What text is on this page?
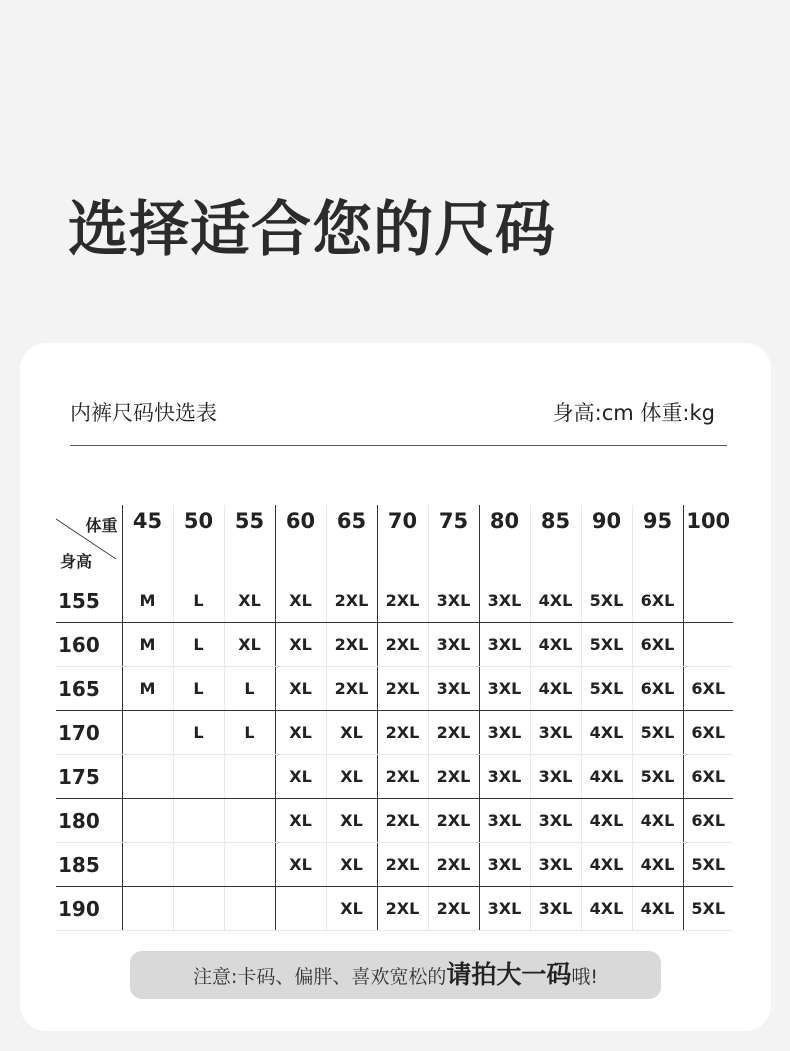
选择适合您的尺码
内裤尺码快选表	身高:cm 体重:kg
体重
身高	45	50	55	60	65	70	75	80	85	90	95	100
155	M	L	XL	XL	2XL	2XL	3XL	3XL	4XL	5XL	6XL	
160	M	L	XL	XL	2XL	2XL	3XL	3XL	4XL	5XL	6XL	
165	M	L	L	XL	2XL	2XL	3XL	3XL	4XL	5XL	6XL	6XL
170		L	L	XL	XL	2XL	2XL	3XL	3XL	4XL	5XL	6XL
175				XL	XL	2XL	2XL	3XL	3XL	4XL	5XL	6XL
180				XL	XL	2XL	2XL	3XL	3XL	4XL	4XL	6XL
185				XL	XL	2XL	2XL	3XL	3XL	4XL	4XL	5XL
190					XL	2XL	2XL	3XL	3XL	4XL	4XL	5XL
注意:卡码、偏胖、喜欢宽松的请拍大一码哦!
